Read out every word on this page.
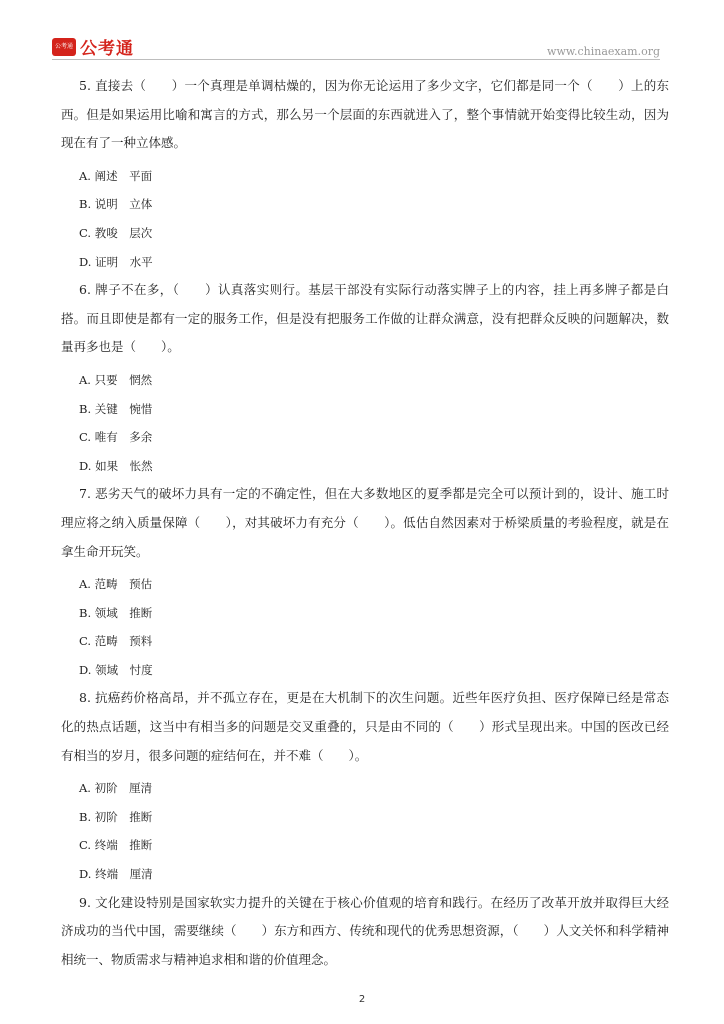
公考通 公考通	www.chinaexam.org

5. 直接去（　　）一个真理是单调枯燥的，因为你无论运用了多少文字，它们都是同一个（　　）上的东西。但是如果运用比喻和寓言的方式，那么另一个层面的东西就进入了，整个事情就开始变得比较生动，因为现在有了一种立体感。

A. 阐述　平面

B. 说明　立体

C. 教唆　层次

D. 证明　水平

6. 牌子不在多，（　　）认真落实则行。基层干部没有实际行动落实牌子上的内容，挂上再多牌子都是白搭。而且即使是都有一定的服务工作，但是没有把服务工作做的让群众满意，没有把群众反映的问题解决，数量再多也是（　　）。

A. 只要　惘然

B. 关键　惋惜

C. 唯有　多余

D. 如果　怅然

7. 恶劣天气的破坏力具有一定的不确定性，但在大多数地区的夏季都是完全可以预计到的，设计、施工时理应将之纳入质量保障（　　），对其破坏力有充分（　　）。低估自然因素对于桥梁质量的考验程度，就是在拿生命开玩笑。

A. 范畴　预估

B. 领域　推断

C. 范畴　预料

D. 领域　忖度

8. 抗癌药价格高昂，并不孤立存在，更是在大机制下的次生问题。近些年医疗负担、医疗保障已经是常态化的热点话题，这当中有相当多的问题是交叉重叠的，只是由不同的（　　）形式呈现出来。中国的医改已经有相当的岁月，很多问题的症结何在，并不难（　　）。

A. 初阶　厘清

B. 初阶　推断

C. 终端　推断

D. 终端　厘清

9. 文化建设特别是国家软实力提升的关键在于核心价值观的培育和践行。在经历了改革开放并取得巨大经济成功的当代中国，需要继续（　　）东方和西方、传统和现代的优秀思想资源，（　　）人文关怀和科学精神相统一、物质需求与精神追求相和谐的价值理念。

2
